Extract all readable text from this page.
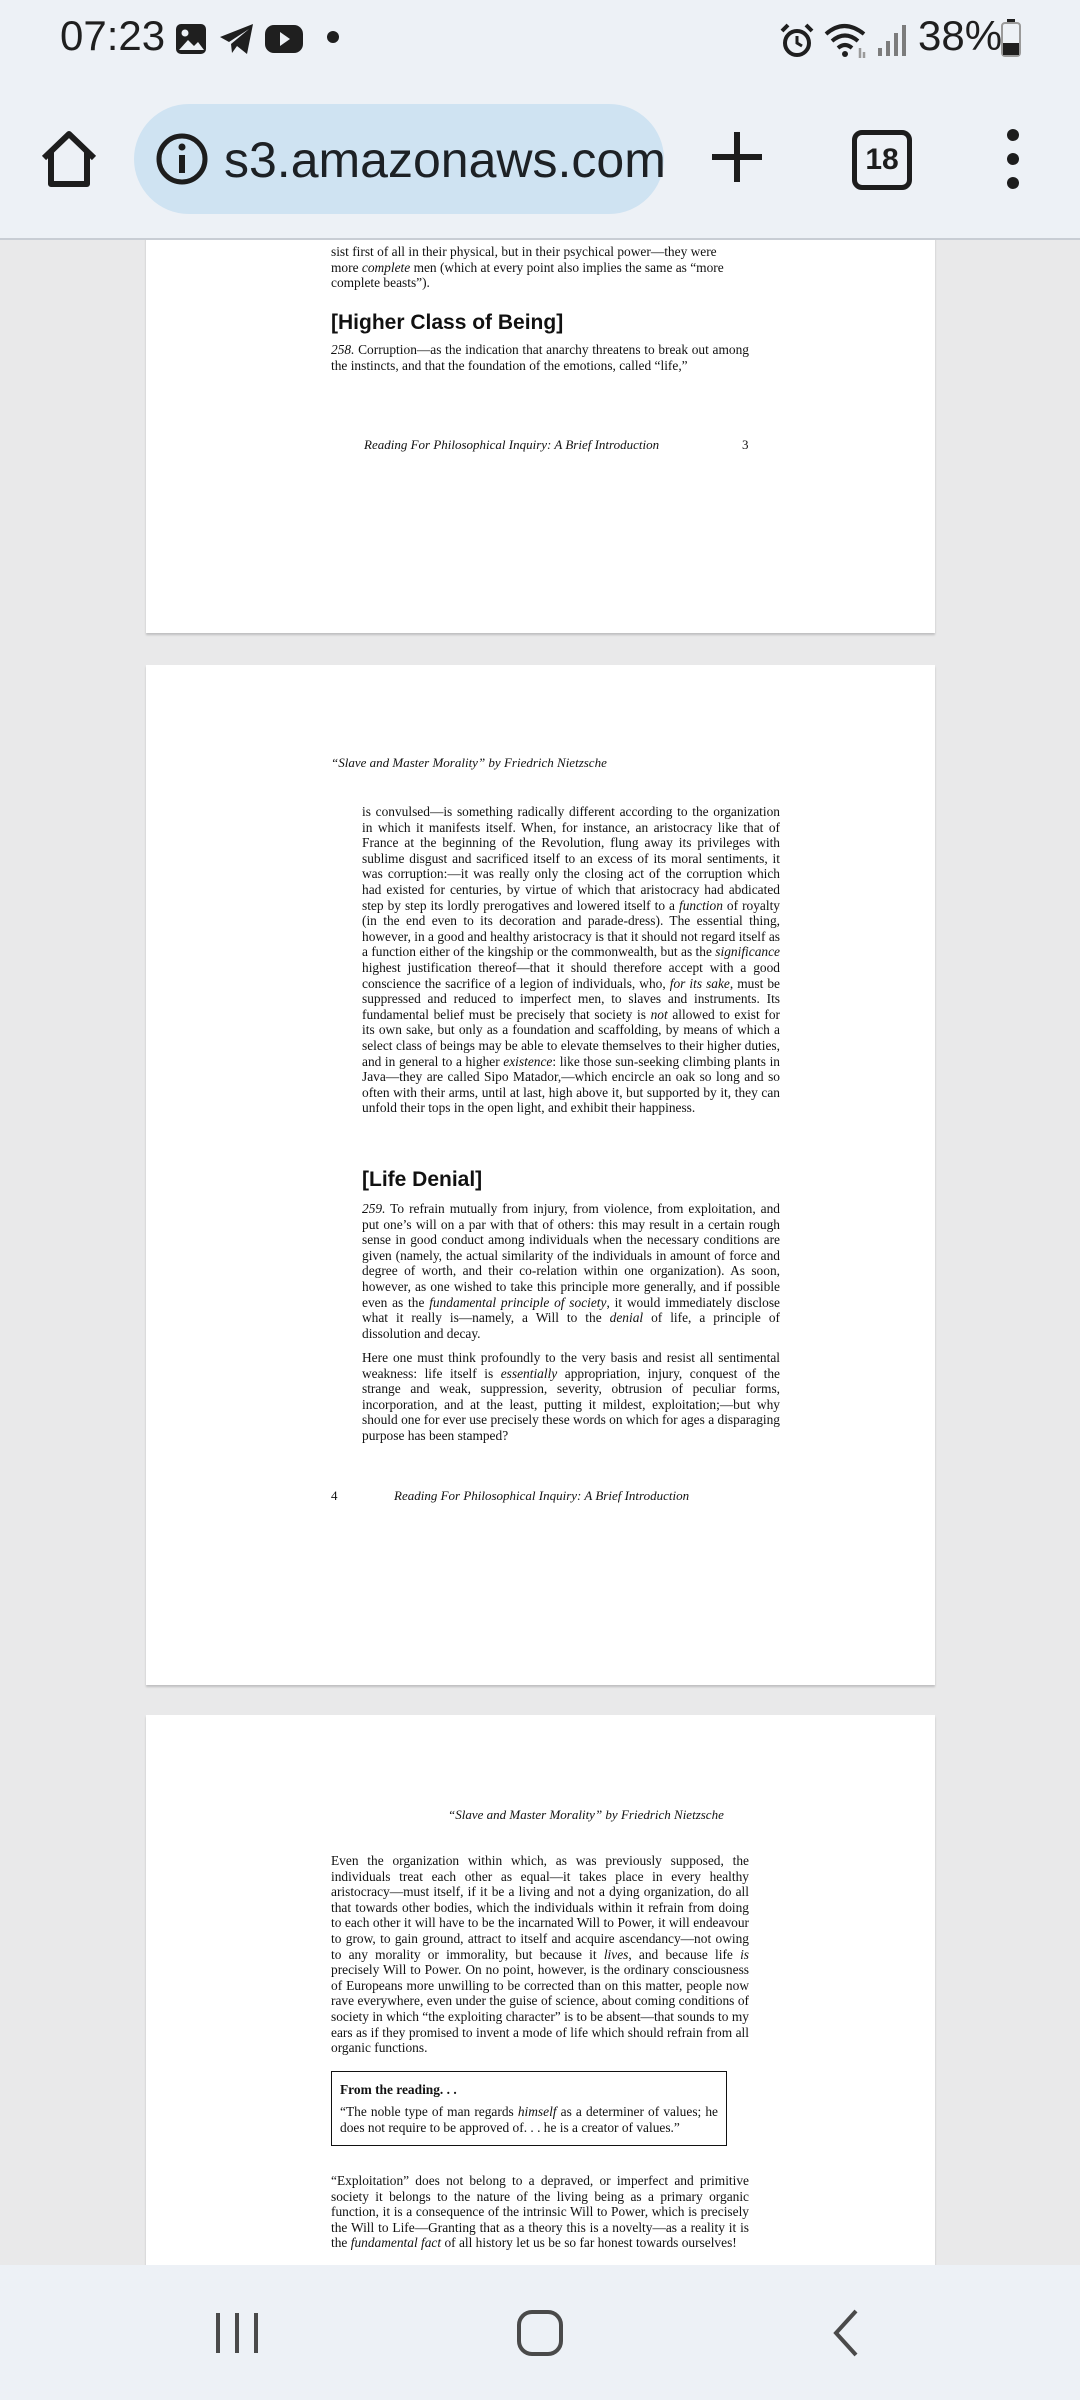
07:23	38%
s3.amazonaws.com	18
sist first of all in their physical, but in their psychical power—they were
more complete men (which at every point also implies the same as “more
complete beasts”).
[Higher Class of Being]
258. Corruption—as the indication that anarchy threatens to break out among the instincts, and that the foundation of the emotions, called “life,”
Reading For Philosophical Inquiry: A Brief Introduction	3
“Slave and Master Morality” by Friedrich Nietzsche
is convulsed—is something radically different according to the organization in which it manifests itself. When, for instance, an aristocracy like that of France at the beginning of the Revolution, flung away its privileges with sublime disgust and sacrificed itself to an excess of its moral sentiments, it was corruption:—it was really only the closing act of the corruption which had existed for centuries, by virtue of which that aristocracy had abdicated step by step its lordly prerogatives and lowered itself to a function of royalty (in the end even to its decoration and parade-dress). The essential thing, however, in a good and healthy aristocracy is that it should not regard itself as a function either of the kingship or the commonwealth, but as the significance highest justification thereof—that it should therefore accept with a good conscience the sacrifice of a legion of individuals, who, for its sake, must be suppressed and reduced to imperfect men, to slaves and instruments. Its fundamental belief must be precisely that society is not allowed to exist for its own sake, but only as a foundation and scaffolding, by means of which a select class of beings may be able to elevate themselves to their higher duties, and in general to a higher existence: like those sun-seeking climbing plants in Java—they are called Sipo Matador,—which encircle an oak so long and so often with their arms, until at last, high above it, but supported by it, they can unfold their tops in the open light, and exhibit their happiness.
[Life Denial]
259. To refrain mutually from injury, from violence, from exploitation, and put one’s will on a par with that of others: this may result in a certain rough sense in good conduct among individuals when the necessary conditions are given (namely, the actual similarity of the individuals in amount of force and degree of worth, and their co-relation within one organization). As soon, however, as one wished to take this principle more generally, and if possible even as the fundamental principle of society, it would immediately disclose what it really is—namely, a Will to the denial of life, a principle of dissolution and decay.
Here one must think profoundly to the very basis and resist all sentimental weakness: life itself is essentially appropriation, injury, conquest of the strange and weak, suppression, severity, obtrusion of peculiar forms, incorporation, and at the least, putting it mildest, exploitation;—but why should one for ever use precisely these words on which for ages a disparaging purpose has been stamped?
4	Reading For Philosophical Inquiry: A Brief Introduction
“Slave and Master Morality” by Friedrich Nietzsche
Even the organization within which, as was previously supposed, the individuals treat each other as equal—it takes place in every healthy aristocracy—must itself, if it be a living and not a dying organization, do all that towards other bodies, which the individuals within it refrain from doing to each other it will have to be the incarnated Will to Power, it will endeavour to grow, to gain ground, attract to itself and acquire ascendancy—not owing to any morality or immorality, but because it lives, and because life is precisely Will to Power. On no point, however, is the ordinary consciousness of Europeans more unwilling to be corrected than on this matter, people now rave everywhere, even under the guise of science, about coming conditions of society in which “the exploiting character” is to be absent—that sounds to my ears as if they promised to invent a mode of life which should refrain from all organic functions.
From the reading. . .
“The noble type of man regards himself as a determiner of values; he does not require to be approved of. . . he is a creator of values.”
“Exploitation” does not belong to a depraved, or imperfect and primitive society it belongs to the nature of the living being as a primary organic function, it is a consequence of the intrinsic Will to Power, which is precisely the Will to Life—Granting that as a theory this is a novelty—as a reality it is the fundamental fact of all history let us be so far honest towards ourselves!
